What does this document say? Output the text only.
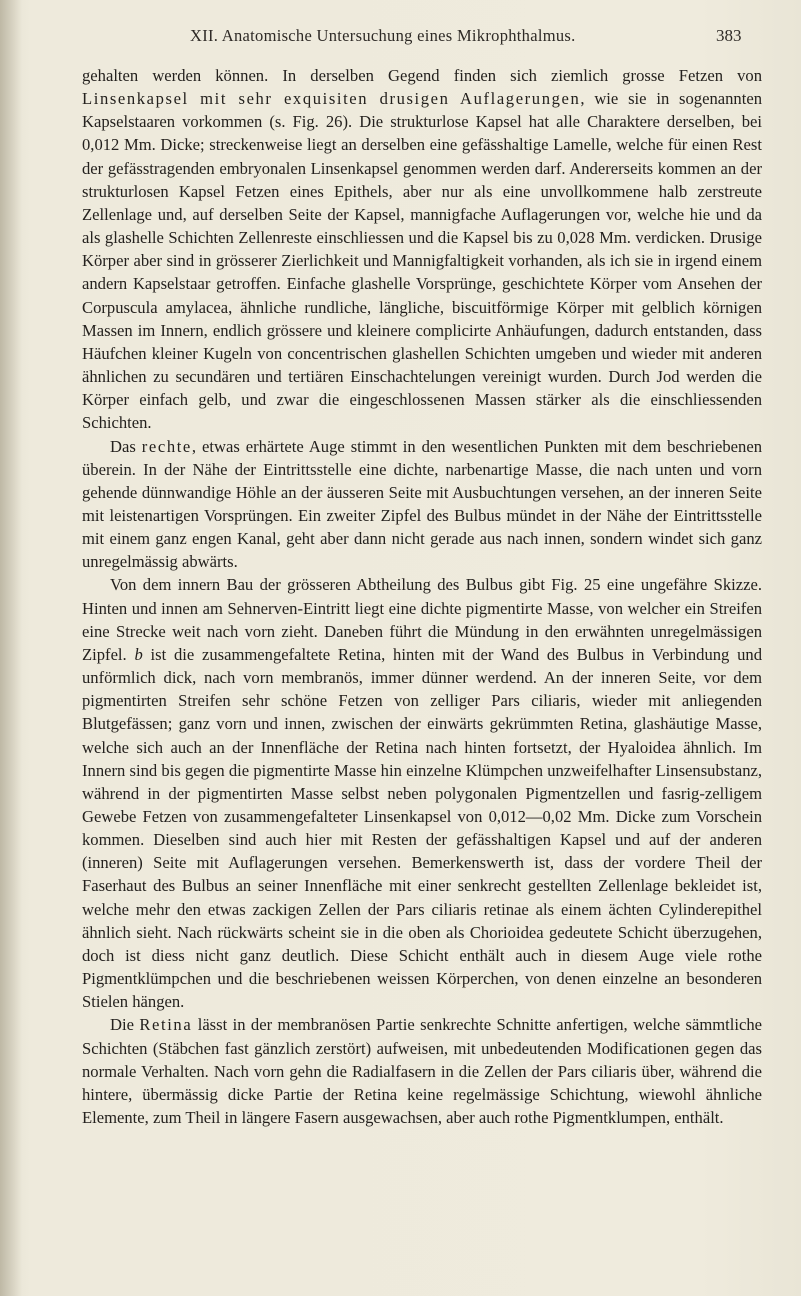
XII. Anatomische Untersuchung eines Mikrophthalmus.	383

gehalten werden können. In derselben Gegend finden sich ziemlich grosse Fetzen von Linsenkapsel mit sehr exquisiten drusigen Auflagerungen, wie sie in sogenannten Kapselstaaren vorkommen (s. Fig. 26). Die strukturlose Kapsel hat alle Charaktere derselben, bei 0,012 Mm. Dicke; streckenweise liegt an derselben eine gefässhaltige Lamelle, welche für einen Rest der gefässtragenden embryonalen Linsenkapsel genommen werden darf. Andererseits kommen an der strukturlosen Kapsel Fetzen eines Epithels, aber nur als eine unvollkommene halb zerstreute Zellenlage und, auf derselben Seite der Kapsel, mannigfache Auflagerungen vor, welche hie und da als glashelle Schichten Zellenreste einschliessen und die Kapsel bis zu 0,028 Mm. verdicken. Drusige Körper aber sind in grösserer Zierlichkeit und Mannigfaltigkeit vorhanden, als ich sie in irgend einem andern Kapselstaar getroffen. Einfache glashelle Vorsprünge, geschichtete Körper vom Ansehen der Corpuscula amylacea, ähnliche rundliche, längliche, biscuitförmige Körper mit gelblich körnigen Massen im Innern, endlich grössere und kleinere complicirte Anhäufungen, dadurch entstanden, dass Häufchen kleiner Kugeln von concentrischen glashellen Schichten umgeben und wieder mit anderen ähnlichen zu secundären und tertiären Einschachtelungen vereinigt wurden. Durch Jod werden die Körper einfach gelb, und zwar die eingeschlossenen Massen stärker als die einschliessenden Schichten.

Das rechte, etwas erhärtete Auge stimmt in den wesentlichen Punkten mit dem beschriebenen überein. In der Nähe der Eintrittsstelle eine dichte, narbenartige Masse, die nach unten und vorn gehende dünnwandige Höhle an der äusseren Seite mit Ausbuchtungen versehen, an der inneren Seite mit leistenartigen Vorsprüngen. Ein zweiter Zipfel des Bulbus mündet in der Nähe der Eintrittsstelle mit einem ganz engen Kanal, geht aber dann nicht gerade aus nach innen, sondern windet sich ganz unregelmässig abwärts.

Von dem innern Bau der grösseren Abtheilung des Bulbus gibt Fig. 25 eine ungefähre Skizze. Hinten und innen am Sehnerven-Eintritt liegt eine dichte pigmentirte Masse, von welcher ein Streifen eine Strecke weit nach vorn zieht. Daneben führt die Mündung in den erwähnten unregelmässigen Zipfel. b ist die zusammengefaltete Retina, hinten mit der Wand des Bulbus in Verbindung und unförmlich dick, nach vorn membranös, immer dünner werdend. An der inneren Seite, vor dem pigmentirten Streifen sehr schöne Fetzen von zelliger Pars ciliaris, wieder mit anliegenden Blutgefässen; ganz vorn und innen, zwischen der einwärts gekrümmten Retina, glashäutige Masse, welche sich auch an der Innenfläche der Retina nach hinten fortsetzt, der Hyaloidea ähnlich. Im Innern sind bis gegen die pigmentirte Masse hin einzelne Klümpchen unzweifelhafter Linsensubstanz, während in der pigmentirten Masse selbst neben polygonalen Pigmentzellen und fasrig-zelligem Gewebe Fetzen von zusammengefalteter Linsenkapsel von 0,012—0,02 Mm. Dicke zum Vorschein kommen. Dieselben sind auch hier mit Resten der gefässhaltigen Kapsel und auf der anderen (inneren) Seite mit Auflagerungen versehen. Bemerkenswerth ist, dass der vordere Theil der Faserhaut des Bulbus an seiner Innenfläche mit einer senkrecht gestellten Zellenlage bekleidet ist, welche mehr den etwas zackigen Zellen der Pars ciliaris retinae als einem ächten Cylinderepithel ähnlich sieht. Nach rückwärts scheint sie in die oben als Chorioidea gedeutete Schicht überzugehen, doch ist diess nicht ganz deutlich. Diese Schicht enthält auch in diesem Auge viele rothe Pigmentklümpchen und die beschriebenen weissen Körperchen, von denen einzelne an besonderen Stielen hängen.

Die Retina lässt in der membranösen Partie senkrechte Schnitte anfertigen, welche sämmtliche Schichten (Stäbchen fast gänzlich zerstört) aufweisen, mit unbedeutenden Modificationen gegen das normale Verhalten. Nach vorn gehn die Radialfasern in die Zellen der Pars ciliaris über, während die hintere, übermässig dicke Partie der Retina keine regelmässige Schichtung, wiewohl ähnliche Elemente, zum Theil in längere Fasern ausgewachsen, aber auch rothe Pigmentklumpen, enthält.
